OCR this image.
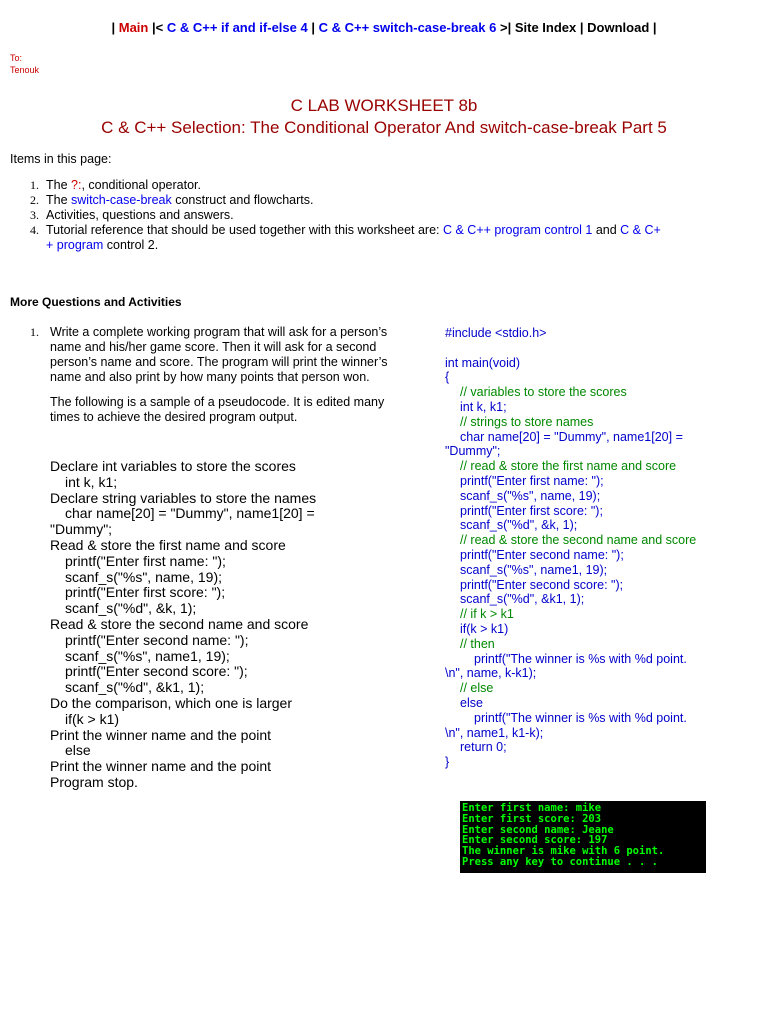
| Main |< C & C++ if and if-else 4 | C & C++ switch-case-break 6 >| Site Index | Download |
To:
Tenouk
C LAB WORKSHEET 8b
C & C++ Selection: The Conditional Operator And switch-case-break Part 5
Items in this page:
1. The ?:, conditional operator.
2. The switch-case-break construct and flowcharts.
3. Activities, questions and answers.
4. Tutorial reference that should be used together with this worksheet are: C & C++ program control 1 and C & C+
+ program control 2.
More Questions and Activities
1. Write a complete working program that will ask for a person’s name and his/her game score. Then it will ask for a second person’s name and score. The program will print the winner’s name and also print by how many points that person won.

The following is a sample of a pseudocode. It is edited many times to achieve the desired program output.

Declare int variables to store the scores
int k, k1;
Declare string variables to store the names
char name[20] = "Dummy", name1[20] =
"Dummy";
Read & store the first name and score
printf("Enter first name: ");
scanf_s("%s", name, 19);
printf("Enter first score: ");
scanf_s("%d", &k, 1);
Read & store the second name and score
printf("Enter second name: ");
scanf_s("%s", name1, 19);
printf("Enter second score: ");
scanf_s("%d", &k1, 1);
Do the comparison, which one is larger
if(k > k1)
Print the winner name and the point
else
Print the winner name and the point
Program stop.
#include <stdio.h>
int main(void)
{
// variables to store the scores
int k, k1;
// strings to store names
char name[20] = "Dummy", name1[20] =
"Dummy";
// read & store the first name and score
printf("Enter first name: ");
scanf_s("%s", name, 19);
printf("Enter first score: ");
scanf_s("%d", &k, 1);
// read & store the second name and score
printf("Enter second name: ");
scanf_s("%s", name1, 19);
printf("Enter second score: ");
scanf_s("%d", &k1, 1);
// if k > k1
if(k > k1)
// then
printf("The winner is %s with %d point.
\n", name, k-k1);
// else
else
printf("The winner is %s with %d point.
\n", name1, k1-k);
return 0;
}
Enter first name: mike
Enter first score: 203
Enter second name: Jeane
Enter second score: 197
The winner is mike with 6 point.
Press any key to continue . . .
